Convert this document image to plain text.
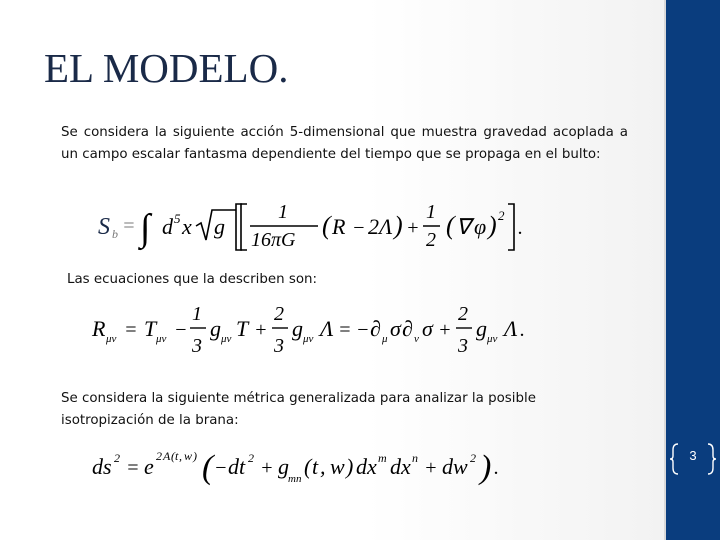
EL MODELO.

Se considera la siguiente acción 5-dimensional que muestra gravedad acoplada a un campo escalar fantasma dependiente del tiempo que se propaga en el bulto:

S b = ∫ d 5 x g
1
16 πG ( R − 2Λ ) +
1
2 ( ∇ φ ) 2
.

Las ecuaciones que la describen son:

R μν = T μν −
1
3
g μν T +
2
3
g μν Λ = − ∂ μ σ ∂ ν σ +
2
3
g μν Λ .

Se considera la siguiente métrica generalizada para analizar la posible isotropización de la brana:

ds 2 = e 2 A ( t , w ) ( − dt 2 + g mn ( t , w ) dx m dx n + dw 2 ) .
3
